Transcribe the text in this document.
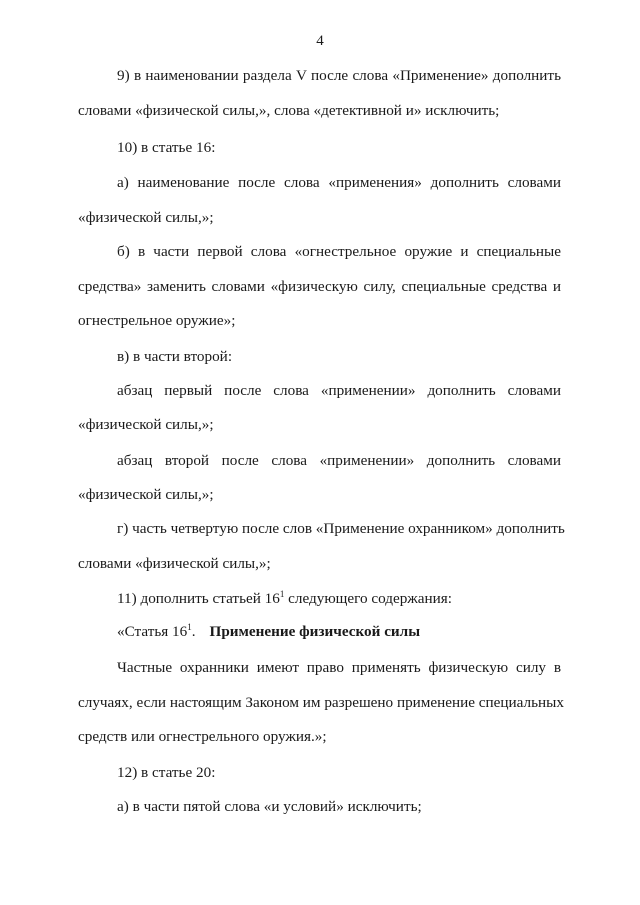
4
9) в наименовании раздела V после слова «Применение» дополнить
словами «физической силы,», слова «детективной и» исключить;
10) в статье 16:
а) наименование после слова «применения» дополнить словами
«физической силы,»;
б) в части первой слова «огнестрельное оружие и специальные
средства» заменить словами «физическую силу, специальные средства и
огнестрельное оружие»;
в) в части второй:
абзац первый после слова «применении» дополнить словами
«физической силы,»;
абзац второй после слова «применении» дополнить словами
«физической силы,»;
г) часть четвертую после слов «Применение охранником» дополнить
словами «физической силы,»;
11) дополнить статьей $16^1$ следующего содержания:
«Статья $16^1$. Применение физической силы
Частные охранники имеют право применять физическую силу в
случаях, если настоящим Законом им разрешено применение специальных
средств или огнестрельного оружия.»;
12) в статье 20:
а) в части пятой слова «и условий» исключить;
